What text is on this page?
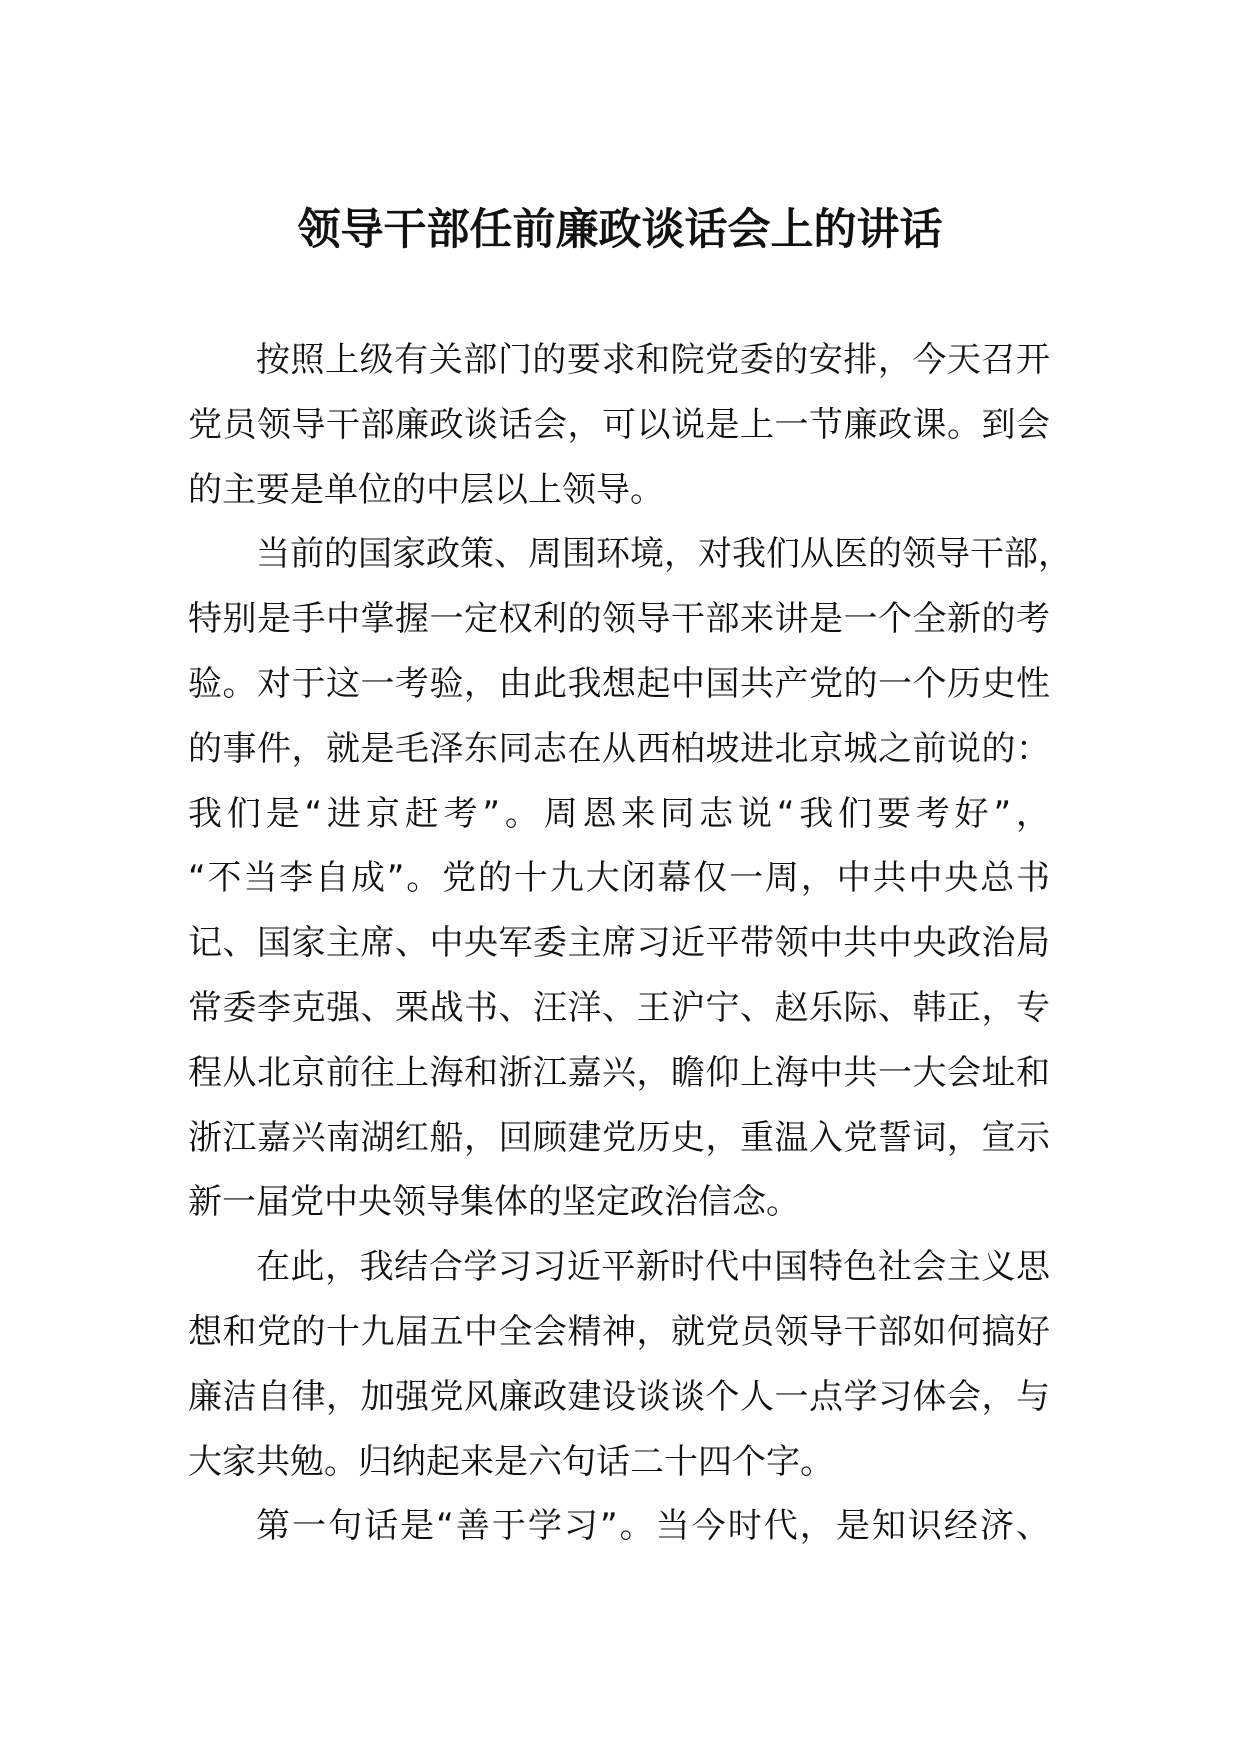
领导干部任前廉政谈话会上的讲话
按照上级有关部门的要求和院党委的安排，今天召开
党员领导干部廉政谈话会，可以说是上一节廉政课。到会
的主要是单位的中层以上领导。
当前的国家政策、周围环境，对我们从医的领导干部，
特别是手中掌握一定权利的领导干部来讲是一个全新的考
验。对于这一考验，由此我想起中国共产党的一个历史性
的事件，就是毛泽东同志在从西柏坡进北京城之前说的：
我们是“进京赶考”。周恩来同志说“我们要考好”，
“不当李自成”。党的十九大闭幕仅一周，中共中央总书
记、国家主席、中央军委主席习近平带领中共中央政治局
常委李克强、栗战书、汪洋、王沪宁、赵乐际、韩正，专
程从北京前往上海和浙江嘉兴，瞻仰上海中共一大会址和
浙江嘉兴南湖红船，回顾建党历史，重温入党誓词，宣示
新一届党中央领导集体的坚定政治信念。
在此，我结合学习习近平新时代中国特色社会主义思
想和党的十九届五中全会精神，就党员领导干部如何搞好
廉洁自律，加强党风廉政建设谈谈个人一点学习体会，与
大家共勉。归纳起来是六句话二十四个字。
第一句话是“善于学习”。当今时代，是知识经济、
